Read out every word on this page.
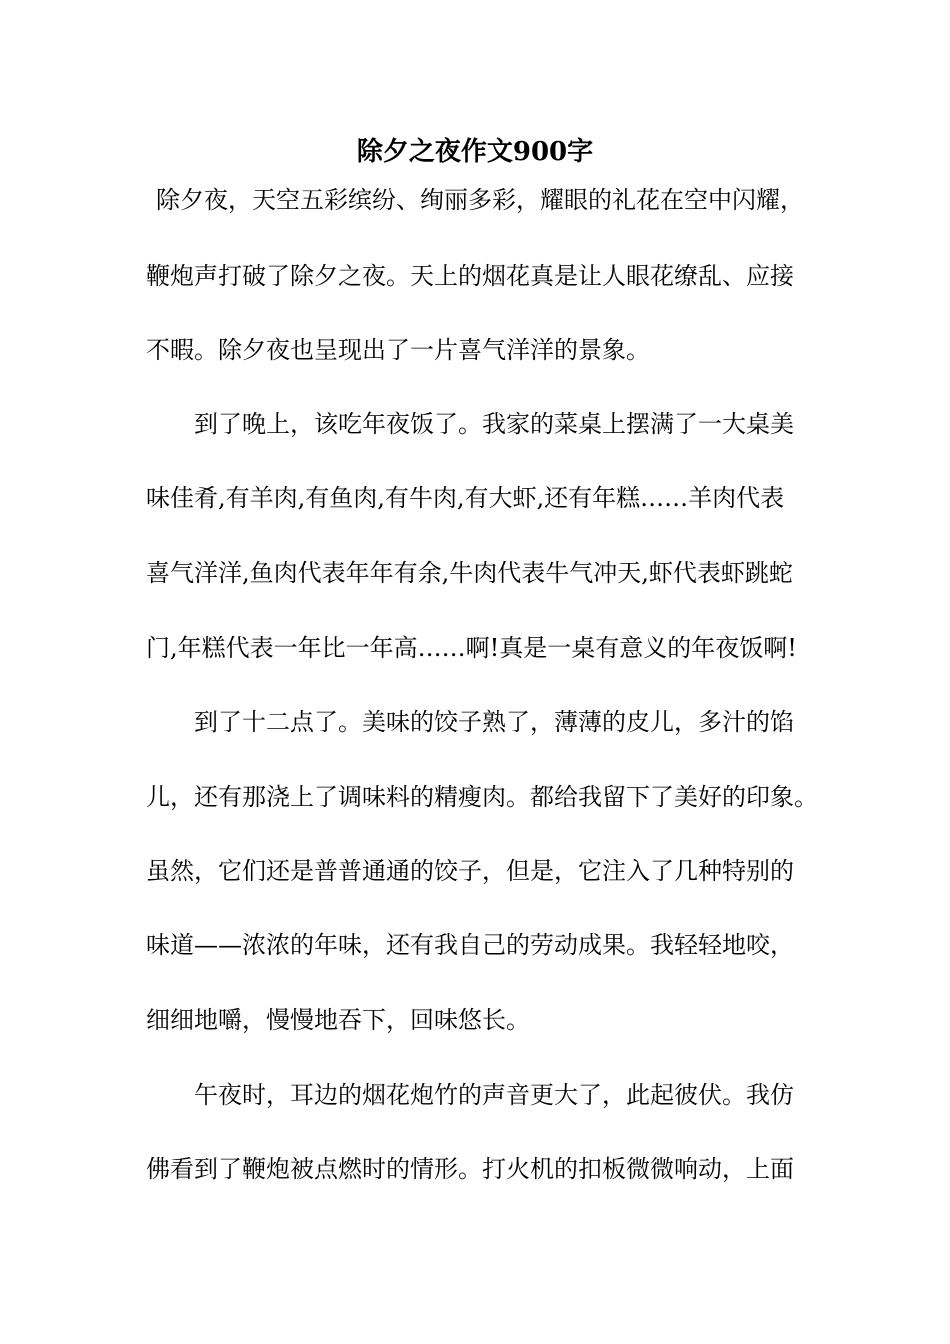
除夕之夜作文900字
除夕夜，天空五彩缤纷、绚丽多彩，耀眼的礼花在空中闪耀，
鞭炮声打破了除夕之夜。天上的烟花真是让人眼花缭乱、应接
不暇。除夕夜也呈现出了一片喜气洋洋的景象。
到了晚上，该吃年夜饭了。我家的菜桌上摆满了一大桌美
味佳肴,有羊肉,有鱼肉,有牛肉,有大虾,还有年糕……羊肉代表
喜气洋洋,鱼肉代表年年有余,牛肉代表牛气冲天,虾代表虾跳蛇
门,年糕代表一年比一年高……啊!真是一桌有意义的年夜饭啊!
到了十二点了。美味的饺子熟了，薄薄的皮儿，多汁的馅
儿，还有那浇上了调味料的精瘦肉。都给我留下了美好的印象。
虽然，它们还是普普通通的饺子，但是，它注入了几种特别的
味道——浓浓的年味，还有我自己的劳动成果。我轻轻地咬，
细细地嚼，慢慢地吞下，回味悠长。
午夜时，耳边的烟花炮竹的声音更大了，此起彼伏。我仿
佛看到了鞭炮被点燃时的情形。打火机的扣板微微响动，上面
